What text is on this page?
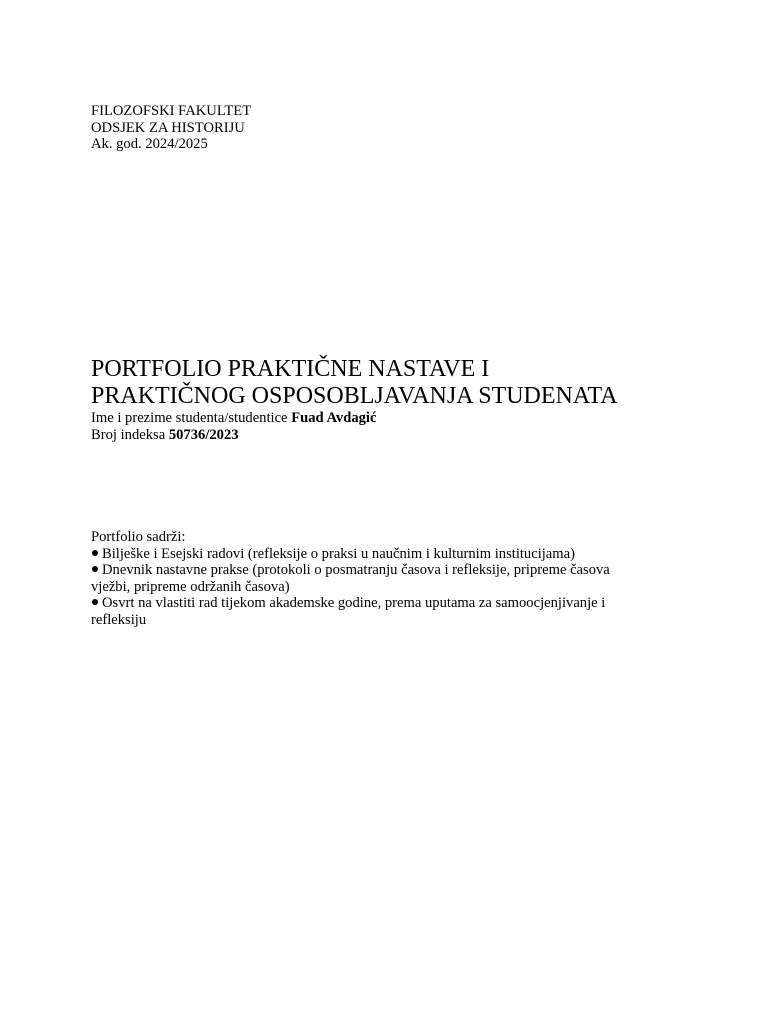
FILOZOFSKI FAKULTET
ODSJEK ZA HISTORIJU
Ak. god. 2024/2025
PORTFOLIO PRAKTIČNE NASTAVE I
PRAKTIČNOG OSPOSOBLJAVANJA STUDENATA
Ime i prezime studenta/studentice Fuad Avdagić
Broj indeksa 50736/2023
Portfolio sadrži:
Bilješke i Esejski radovi (refleksije o praksi u naučnim i kulturnim institucijama)
Dnevnik nastavne prakse (protokoli o posmatranju časova i refleksije, pripreme časova vježbi, pripreme održanih časova)
Osvrt na vlastiti rad tijekom akademske godine, prema uputama za samoocjenjivanje i refleksiju
